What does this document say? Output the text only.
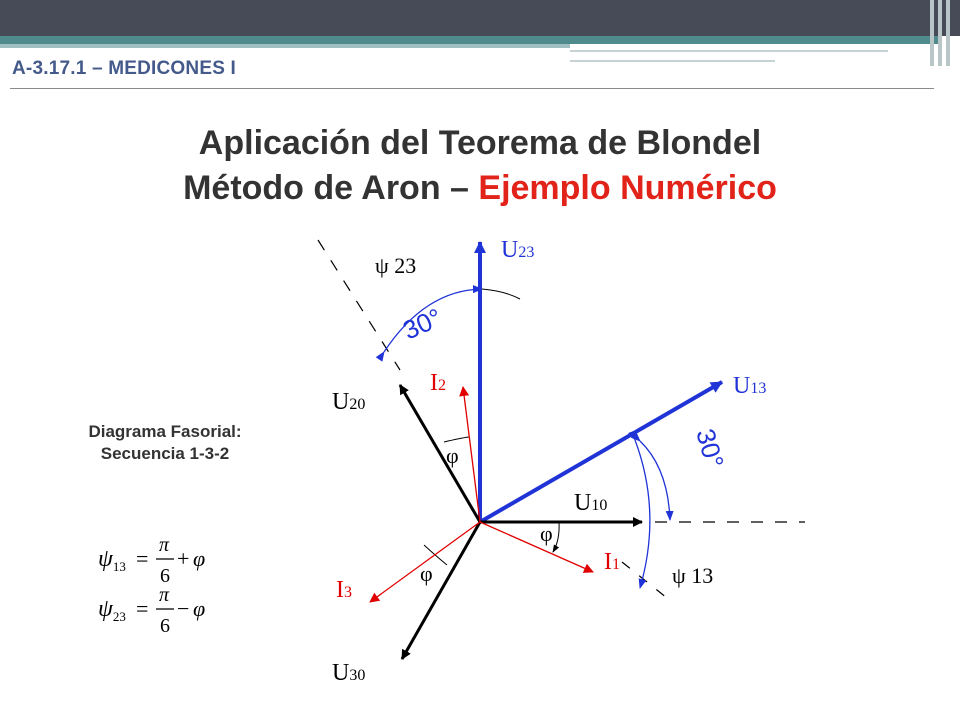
A-3.17.1 – MEDICONES I
Aplicación del Teorema de Blondel
Método de Aron – Ejemplo Numérico
Diagrama Fasorial:
Secuencia 1-3-2
U23
U13
U10
U20
U30
I1
I2
I3
ψ 23
ψ 13
30°
30°
φ
φ
φ
$\psi_{13}$ =
π
6
+ φ
$\psi_{23}$ =
π
6
− φ
